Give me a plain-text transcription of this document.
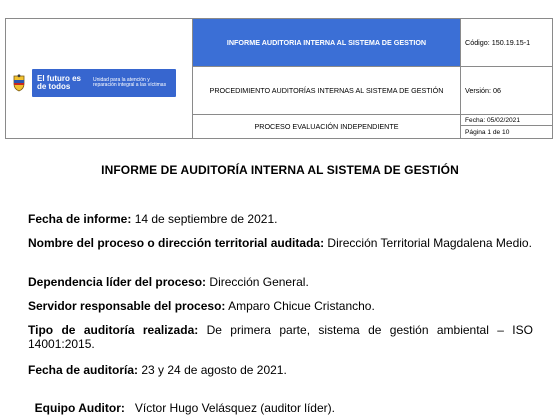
El futuro es de todos
Unidad para la atención y reparación integral a las víctimas
INFORME AUDITORIA INTERNA AL SISTEMA DE GESTION
PROCEDIMIENTO AUDITORÍAS INTERNAS AL SISTEMA DE GESTIÓN
PROCESO EVALUACIÓN INDEPENDIENTE
Código: 150.19.15-1
Versión: 06
Fecha: 05/02/2021
Página 1 de 10
INFORME DE AUDITORÍA INTERNA AL SISTEMA DE GESTIÓN
Fecha de informe: 14 de septiembre de 2021.
Nombre del proceso o dirección territorial auditada: Dirección Territorial Magdalena Medio.
Dependencia líder del proceso: Dirección General.
Servidor responsable del proceso: Amparo Chicue Cristancho.
Tipo de auditoría realizada: De primera parte, sistema de gestión ambiental – ISO 14001:2015.
Fecha de auditoría: 23 y 24 de agosto de 2021.

Equipo Auditor:   Víctor Hugo Velásquez (auditor líder).
